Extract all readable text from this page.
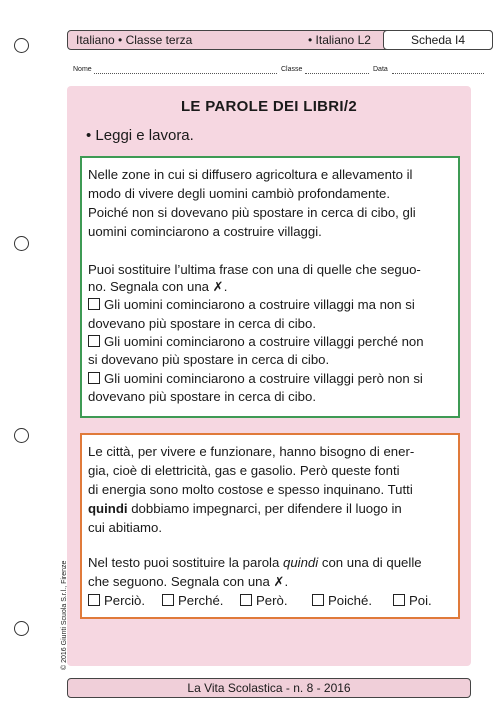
Italiano • Classe terza	• Italiano L2	Scheda I4
Nome	Classe	Data
LE PAROLE DEI LIBRI/2
• Leggi e lavora.
Nelle zone in cui si diffusero agricoltura e allevamento il
modo di vivere degli uomini cambiò profondamente.
Poiché non si dovevano più spostare in cerca di cibo, gli
uomini cominciarono a costruire villaggi.
Puoi sostituire l’ultima frase con una di quelle che seguo-
no. Segnala con una ✗.
Gli uomini cominciarono a costruire villaggi ma non si
dovevano più spostare in cerca di cibo.
Gli uomini cominciarono a costruire villaggi perché non
si dovevano più spostare in cerca di cibo.
Gli uomini cominciarono a costruire villaggi però non si
dovevano più spostare in cerca di cibo.
Le città, per vivere e funzionare, hanno bisogno di ener-
gia, cioè di elettricità, gas e gasolio. Però queste fonti
di energia sono molto costose e spesso inquinano. Tutti
quindi dobbiamo impegnarci, per difendere il luogo in
cui abitiamo.
Nel testo puoi sostituire la parola quindi con una di quelle
che seguono. Segnala con una ✗.
Perciò.	Perché.	Però.	Poiché.	Poi.
La Vita Scolastica - n. 8 - 2016
© 2016 Giunti Scuola S.r.l., Firenze
